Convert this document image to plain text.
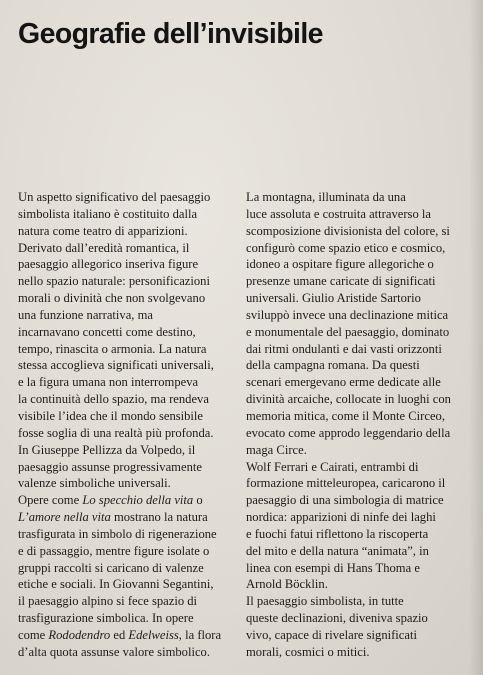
Geografie dell’invisibile
Un aspetto significativo del paesaggio
simbolista italiano è costituito dalla
natura come teatro di apparizioni.
Derivato dall’eredità romantica, il
paesaggio allegorico inseriva figure
nello spazio naturale: personificazioni
morali o divinità che non svolgevano
una funzione narrativa, ma
incarnavano concetti come destino,
tempo, rinascita o armonia. La natura
stessa accoglieva significati universali,
e la figura umana non interrompeva
la continuità dello spazio, ma rendeva
visibile l’idea che il mondo sensibile
fosse soglia di una realtà più profonda.
In Giuseppe Pellizza da Volpedo, il
paesaggio assunse progressivamente
valenze simboliche universali.
Opere come Lo specchio della vita o
L’amore nella vita mostrano la natura
trasfigurata in simbolo di rigenerazione
e di passaggio, mentre figure isolate o
gruppi raccolti si caricano di valenze
etiche e sociali. In Giovanni Segantini,
il paesaggio alpino si fece spazio di
trasfigurazione simbolica. In opere
come Rododendro ed Edelweiss, la flora
d’alta quota assunse valore simbolico.
La montagna, illuminata da una
luce assoluta e costruita attraverso la
scomposizione divisionista del colore, si
configurò come spazio etico e cosmico,
idoneo a ospitare figure allegoriche o
presenze umane caricate di significati
universali. Giulio Aristide Sartorio
sviluppò invece una declinazione mitica
e monumentale del paesaggio, dominato
dai ritmi ondulanti e dai vasti orizzonti
della campagna romana. Da questi
scenari emergevano erme dedicate alle
divinità arcaiche, collocate in luoghi con
memoria mitica, come il Monte Circeo,
evocato come approdo leggendario della
maga Circe.
Wolf Ferrari e Cairati, entrambi di
formazione mitteleuropea, caricarono il
paesaggio di una simbologia di matrice
nordica: apparizioni di ninfe dei laghi
e fuochi fatui riflettono la riscoperta
del mito e della natura “animata”, in
linea con esempi di Hans Thoma e
Arnold Böcklin.
Il paesaggio simbolista, in tutte
queste declinazioni, diveniva spazio
vivo, capace di rivelare significati
morali, cosmici o mitici.
